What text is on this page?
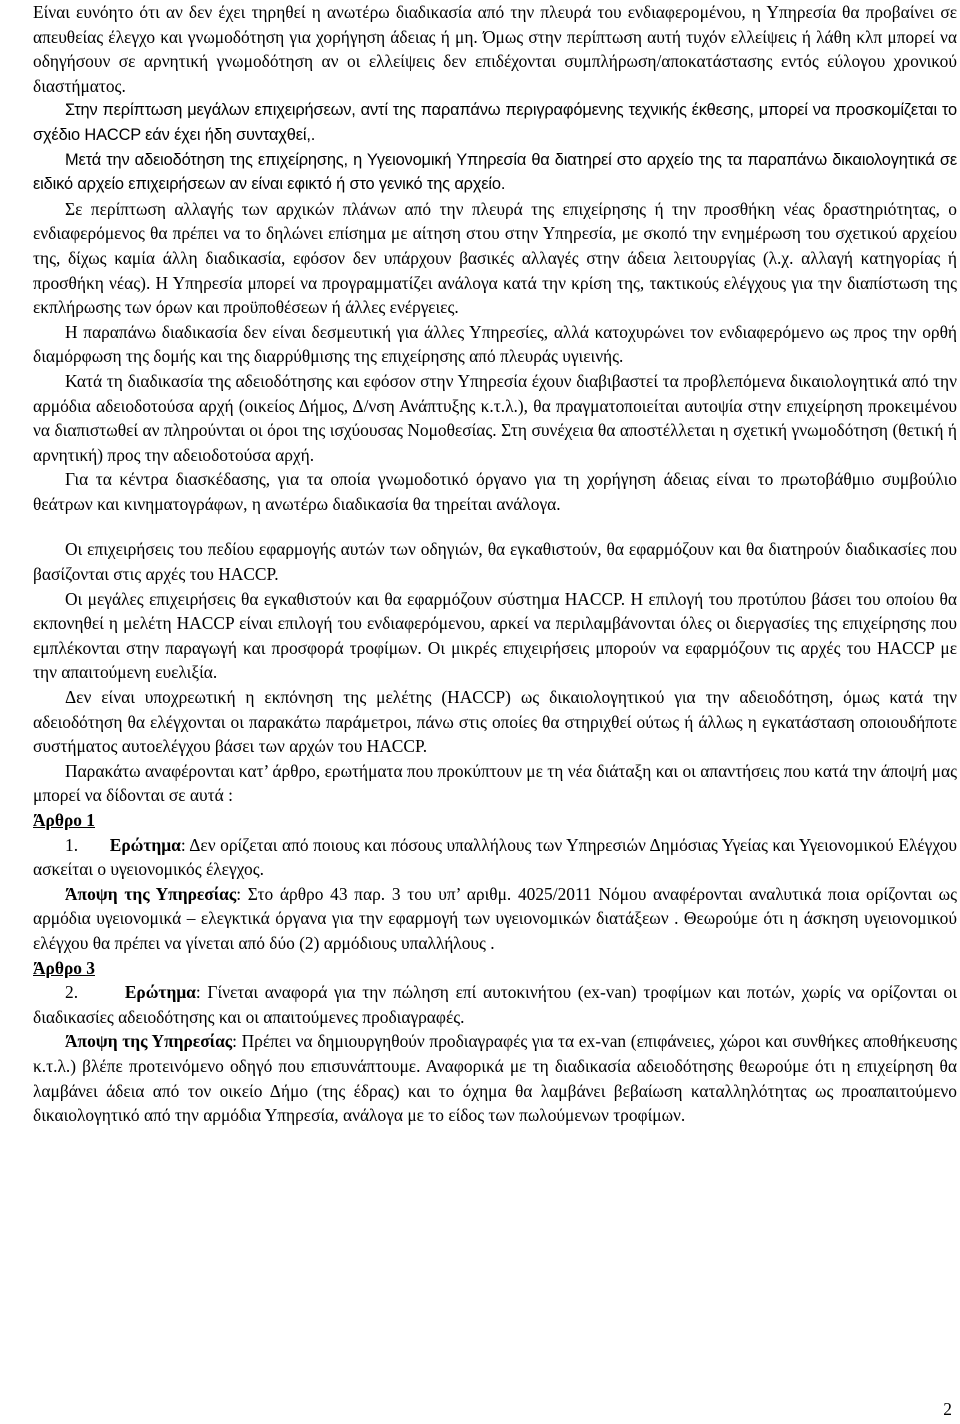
Είναι ευνόητο ότι αν δεν έχει τηρηθεί η ανωτέρω διαδικασία από την πλευρά του ενδιαφερομένου, η Υπηρεσία θα προβαίνει σε απευθείας έλεγχο και γνωμοδότηση για χορήγηση άδειας ή μη. Όμως στην περίπτωση αυτή τυχόν ελλείψεις ή λάθη κλπ μπορεί να οδηγήσουν σε αρνητική γνωμοδότηση αν οι ελλείψεις δεν επιδέχονται συμπλήρωση/αποκατάστασης εντός εύλογου χρονικού διαστήματος.

Στην περίπτωση μεγάλων επιχειρήσεων, αντί της παραπάνω περιγραφόμενης τεχνικής έκθεσης, μπορεί να προσκομίζεται το σχέδιο HACCP εάν έχει ήδη συνταχθεί,.

Μετά την αδειοδότηση της επιχείρησης, η Υγειονομική Υπηρεσία θα διατηρεί στο αρχείο της τα παραπάνω δικαιολογητικά σε ειδικό αρχείο επιχειρήσεων αν είναι εφικτό ή στο γενικό της αρχείο.

Σε περίπτωση αλλαγής των αρχικών πλάνων από την πλευρά της επιχείρησης ή την προσθήκη νέας δραστηριότητας, ο ενδιαφερόμενος θα πρέπει να το δηλώνει επίσημα με αίτηση στου στην Υπηρεσία, με σκοπό την ενημέρωση του σχετικού αρχείου της, δίχως καμία άλλη διαδικασία, εφόσον δεν υπάρχουν βασικές αλλαγές στην άδεια λειτουργίας (λ.χ. αλλαγή κατηγορίας ή προσθήκη νέας). Η Υπηρεσία μπορεί να προγραμματίζει ανάλογα κατά την κρίση της, τακτικούς ελέγχους για την διαπίστωση της εκπλήρωσης των όρων και προϋποθέσεων ή άλλες ενέργειες.

Η παραπάνω διαδικασία δεν είναι δεσμευτική για άλλες Υπηρεσίες, αλλά κατοχυρώνει τον ενδιαφερόμενο ως προς την ορθή διαμόρφωση της δομής και της διαρρύθμισης της επιχείρησης από πλευράς υγιεινής.

Κατά τη διαδικασία της αδειοδότησης και εφόσον στην Υπηρεσία έχουν διαβιβαστεί τα προβλεπόμενα δικαιολογητικά από την αρμόδια αδειοδοτούσα αρχή (οικείος Δήμος, Δ/νση Ανάπτυξης κ.τ.λ.), θα πραγματοποιείται αυτοψία στην επιχείρηση προκειμένου να διαπιστωθεί αν πληρούνται οι όροι της ισχύουσας Νομοθεσίας. Στη συνέχεια θα αποστέλλεται η σχετική γνωμοδότηση (θετική ή αρνητική) προς την αδειοδοτούσα αρχή.

Για τα κέντρα διασκέδασης, για τα οποία γνωμοδοτικό όργανο για τη χορήγηση άδειας είναι το πρωτοβάθμιο συμβούλιο θεάτρων και κινηματογράφων, η ανωτέρω διαδικασία θα τηρείται ανάλογα.

Οι επιχειρήσεις του πεδίου εφαρμογής αυτών των οδηγιών, θα εγκαθιστούν, θα εφαρμόζουν και θα διατηρούν διαδικασίες που βασίζονται στις αρχές του HACCP.

Οι μεγάλες επιχειρήσεις θα εγκαθιστούν και θα εφαρμόζουν σύστημα HACCP. Η επιλογή του προτύπου βάσει του οποίου θα εκπονηθεί η μελέτη HACCP είναι επιλογή του ενδιαφερόμενου, αρκεί να περιλαμβάνονται όλες οι διεργασίες της επιχείρησης που εμπλέκονται στην παραγωγή και προσφορά τροφίμων. Οι μικρές επιχειρήσεις μπορούν να εφαρμόζουν τις αρχές του HACCP με την απαιτούμενη ευελιξία.

Δεν είναι υποχρεωτική η εκπόνηση της μελέτης (HACCP) ως δικαιολογητικού για την αδειοδότηση, όμως κατά την αδειοδότηση θα ελέγχονται οι παρακάτω παράμετροι, πάνω στις οποίες θα στηριχθεί ούτως ή άλλως η εγκατάσταση οποιουδήποτε συστήματος αυτοελέγχου βάσει των αρχών του HACCP.

Παρακάτω αναφέρονται κατ’ άρθρο, ερωτήματα που προκύπτουν με τη νέα διάταξη και οι απαντήσεις που κατά την άποψή μας μπορεί να δίδονται σε αυτά :

Άρθρο 1

1. Ερώτημα: Δεν ορίζεται από ποιους και πόσους υπαλλήλους των Υπηρεσιών Δημόσιας Υγείας και Υγειονομικού Ελέγχου ασκείται ο υγειονομικός έλεγχος.

Άποψη της Υπηρεσίας: Στο άρθρο 43 παρ. 3 του υπ’ αριθμ. 4025/2011 Νόμου αναφέρονται αναλυτικά ποια ορίζονται ως αρμόδια υγειονομικά – ελεγκτικά όργανα για την εφαρμογή των υγειονομικών διατάξεων . Θεωρούμε ότι η άσκηση υγειονομικού ελέγχου θα πρέπει να γίνεται από δύο (2) αρμόδιους υπαλλήλους .

Άρθρο 3

2.	Ερώτημα: Γίνεται αναφορά για την πώληση επί αυτοκινήτου (ex-van) τροφίμων και ποτών, χωρίς να ορίζονται οι διαδικασίες αδειοδότησης και οι απαιτούμενες προδιαγραφές.

Άποψη της Υπηρεσίας: Πρέπει να δημιουργηθούν προδιαγραφές για τα ex-van (επιφάνειες, χώροι και συνθήκες αποθήκευσης κ.τ.λ.) βλέπε προτεινόμενο οδηγό που επισυνάπτουμε. Αναφορικά με τη διαδικασία αδειοδότησης θεωρούμε ότι η επιχείρηση θα λαμβάνει άδεια από τον οικείο Δήμο (της έδρας) και το όχημα θα λαμβάνει βεβαίωση καταλληλότητας ως προαπαιτούμενο δικαιολογητικό από την αρμόδια Υπηρεσία, ανάλογα με το είδος των πωλούμενων τροφίμων.

2
